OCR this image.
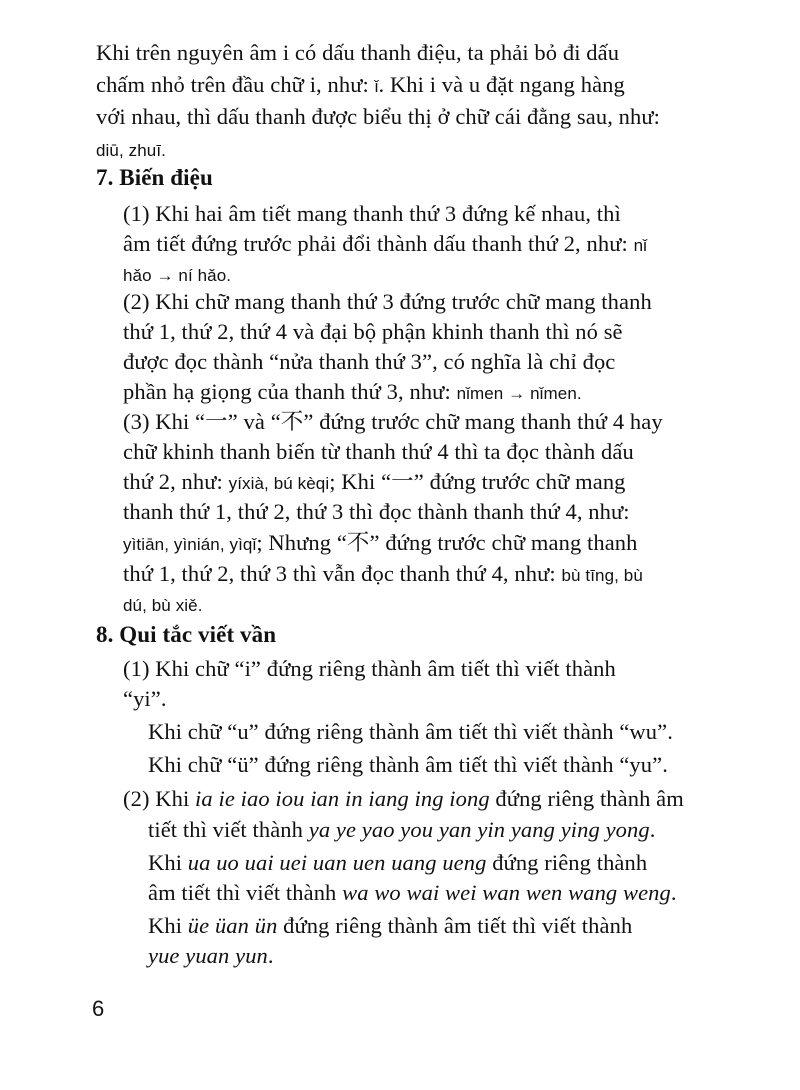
Khi trên nguyên âm i có dấu thanh điệu, ta phải bỏ đi dấu
chấm nhỏ trên đầu chữ i, như: ǐ. Khi i và u đặt ngang hàng
với nhau, thì dấu thanh được biểu thị ở chữ cái đằng sau, như:
diū, zhuī.
7. Biến điệu
(1) Khi hai âm tiết mang thanh thứ 3 đứng kế nhau, thì
âm tiết đứng trước phải đổi thành dấu thanh thứ 2, như: nǐ
hǎo → ní hǎo.
(2) Khi chữ mang thanh thứ 3 đứng trước chữ mang thanh
thứ 1, thứ 2, thứ 4 và đại bộ phận khinh thanh thì nó sẽ
được đọc thành “nửa thanh thứ 3”, có nghĩa là chỉ đọc
phần hạ giọng của thanh thứ 3, như: nǐmen → nǐmen.
(3) Khi “一” và “不” đứng trước chữ mang thanh thứ 4 hay
chữ khinh thanh biến từ thanh thứ 4 thì ta đọc thành dấu
thứ 2, như: yíxià, bú kèqi; Khi “一” đứng trước chữ mang
thanh thứ 1, thứ 2, thứ 3 thì đọc thành thanh thứ 4, như:
yìtiān, yìnián, yìqǐ; Nhưng “不” đứng trước chữ mang thanh
thứ 1, thứ 2, thứ 3 thì vẫn đọc thanh thứ 4, như: bù tīng, bù
dú, bù xiě.
8. Qui tắc viết vần
(1) Khi chữ “i” đứng riêng thành âm tiết thì viết thành
“yi”.
Khi chữ “u” đứng riêng thành âm tiết thì viết thành “wu”.
Khi chữ “ü” đứng riêng thành âm tiết thì viết thành “yu”.
(2) Khi ia ie iao iou ian in iang ing iong đứng riêng thành âm
tiết thì viết thành ya ye yao you yan yin yang ying yong.
Khi ua uo uai uei uan uen uang ueng đứng riêng thành
âm tiết thì viết thành wa wo wai wei wan wen wang weng.
Khi üe üan ün đứng riêng thành âm tiết thì viết thành
yue yuan yun.
6
